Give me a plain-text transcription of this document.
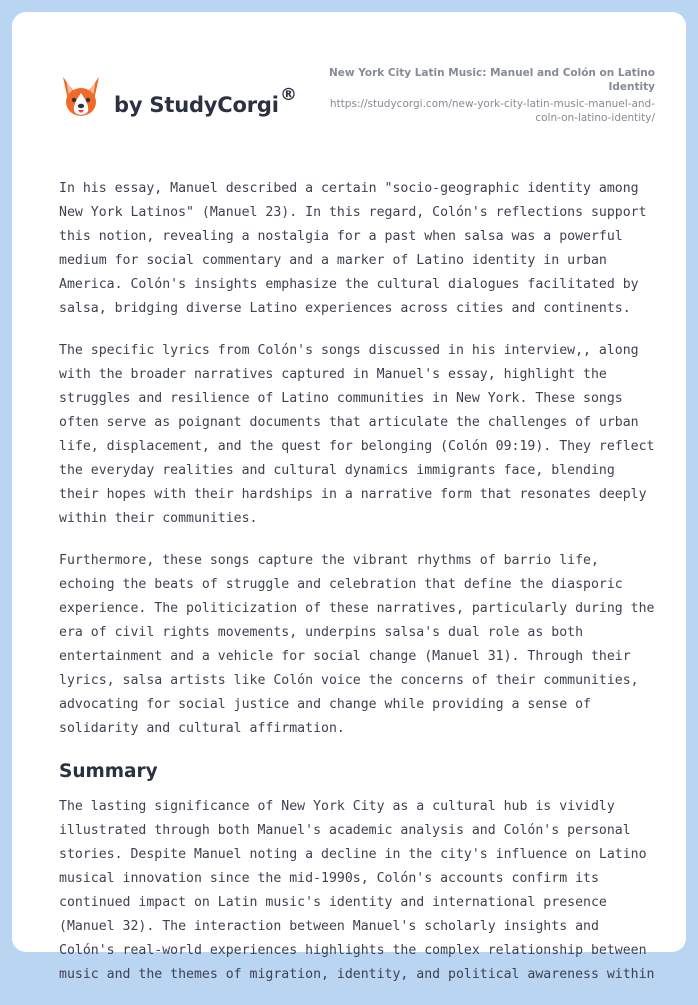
by StudyCorgi ®
New York City Latin Music: Manuel and Colón on Latino Identity
https://studycorgi.com/new-york-city-latin-music-manuel-and-coln-on-latino-identity/

In his essay, Manuel described a certain "socio-geographic identity among New York Latinos" (Manuel 23). In this regard, Colón's reflections support this notion, revealing a nostalgia for a past when salsa was a powerful medium for social commentary and a marker of Latino identity in urban America. Colón's insights emphasize the cultural dialogues facilitated by salsa, bridging diverse Latino experiences across cities and continents.

The specific lyrics from Colón's songs discussed in his interview,, along with the broader narratives captured in Manuel's essay, highlight the struggles and resilience of Latino communities in New York. These songs often serve as poignant documents that articulate the challenges of urban life, displacement, and the quest for belonging (Colón 09:19). They reflect the everyday realities and cultural dynamics immigrants face, blending their hopes with their hardships in a narrative form that resonates deeply within their communities.

Furthermore, these songs capture the vibrant rhythms of barrio life, echoing the beats of struggle and celebration that define the diasporic experience. The politicization of these narratives, particularly during the era of civil rights movements, underpins salsa's dual role as both entertainment and a vehicle for social change (Manuel 31). Through their lyrics, salsa artists like Colón voice the concerns of their communities, advocating for social justice and change while providing a sense of solidarity and cultural affirmation.

Summary

The lasting significance of New York City as a cultural hub is vividly illustrated through both Manuel's academic analysis and Colón's personal stories. Despite Manuel noting a decline in the city's influence on Latino musical innovation since the mid-1990s, Colón's accounts confirm its continued impact on Latin music's identity and international presence (Manuel 32). The interaction between Manuel's scholarly insights and Colón's real-world experiences highlights the complex relationship between music and the themes of migration, identity, and political awareness within
